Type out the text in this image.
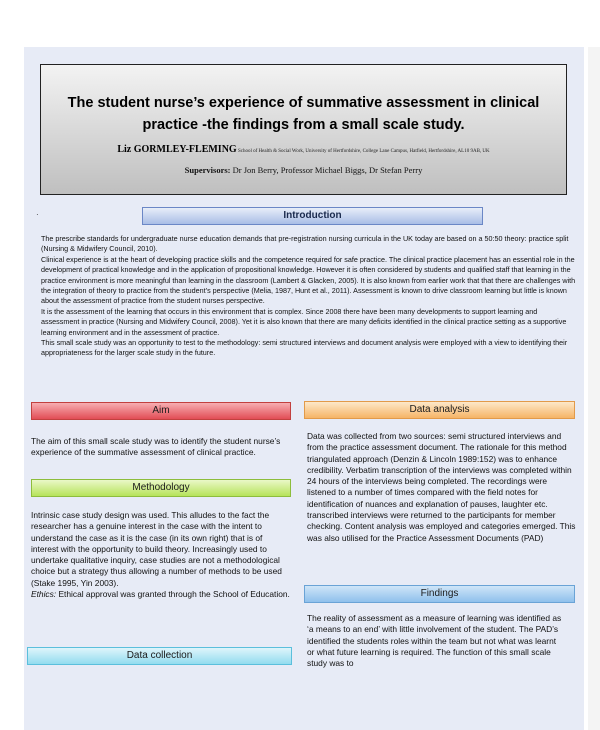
The student nurse’s experience of summative assessment in clinical practice -the findings from a small scale study.
Liz GORMLEY-FLEMING School of Health & Social Work, University of Hertfordshire, College Lane Campus, Hatfield, Hertfordshire, AL10 9AB, UK
Supervisors: Dr Jon Berry, Professor Michael Biggs, Dr Stefan Perry
·	Introduction

The prescribe standards for undergraduate nurse education demands that pre-registration nursing curricula in the UK today are based on a 50:50 theory: practice split (Nursing & Midwifery Council, 2010).

Clinical experience is at the heart of developing practice skills and the competence required for safe practice. The clinical practice placement has an essential role in the development of practical knowledge and in the application of propositional knowledge. However it is often considered by students and qualified staff that learning in the practice environment is more meaningful than learning in the classroom (Lambert & Glacken, 2005). It is also known from earlier work that that there are challenges with the integration of theory to practice from the student’s perspective (Melia, 1987, Hunt et al., 2011). Assessment is known to drive classroom learning but little is known about the assessment of practice from the student nurses perspective.

It is the assessment of the learning that occurs in this environment that is complex. Since 2008 there have been many developments to support learning and assessment in practice (Nursing and Midwifery Council, 2008). Yet it is also known that there are many deficits identified in the clinical practice setting as a supportive learning environment and in the assessment of practice.

This small scale study was an opportunity to test to the methodology: semi structured interviews and document analysis were employed with a view to identifying their appropriateness for the larger scale study in the future.

Aim

The aim of this small scale study was to identify the student nurse’s experience of the summative assessment of clinical practice.

Methodology

Intrinsic case study design was used. This alludes to the fact the researcher has a genuine interest in the case with the intent to understand the case as it is the case (in its own right) that is of interest with the opportunity to build theory. Increasingly used to undertake qualitative inquiry, case studies are not a methodological choice but a strategy thus allowing a number of methods to be used (Stake 1995, Yin 2003).

Ethics: Ethical approval was granted through the School of Education.

Data collection
Data analysis

Data was collected from two sources: semi structured interviews and from the practice assessment document. The rationale for this method triangulated approach (Denzin & Lincoln 1989:152) was to enhance credibility. Verbatim transcription of the interviews was completed within 24 hours of the interviews being completed. The recordings were listened to a number of times compared with the field notes for identification of nuances and explanation of pauses, laughter etc. transcribed interviews were returned to the participants for member checking. Content analysis was employed and categories emerged. This was also utilised for the Practice Assessment Documents (PAD)

Findings

The reality of assessment as a measure of learning was identified as ‘a means to an end’ with little involvement of the student. The PAD’s identified the students roles within the team but not what was learnt or what future learning is required. The function of this small scale study was to
